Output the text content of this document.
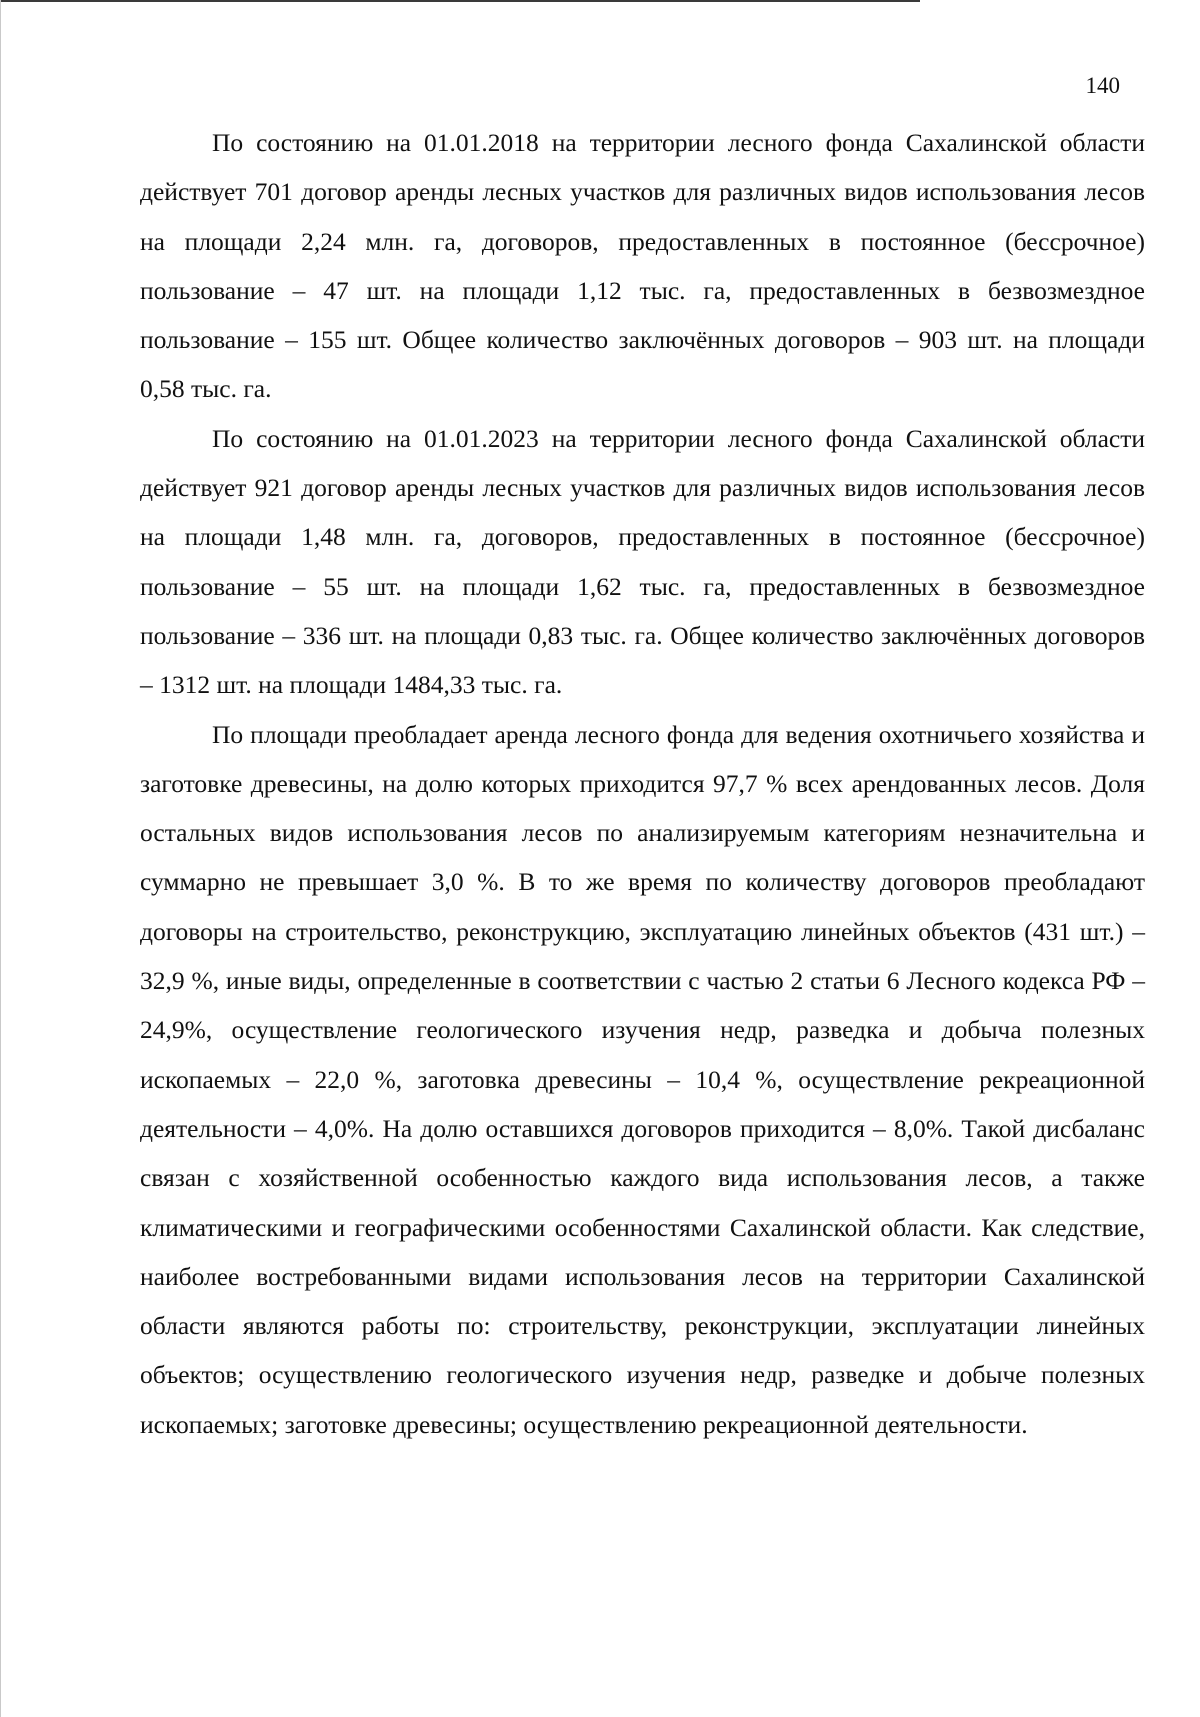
140

По состоянию на 01.01.2018 на территории лесного фонда Сахалинской области действует 701 договор аренды лесных участков для различных видов использования лесов на площади 2,24 млн. га, договоров, предоставленных в постоянное (бессрочное) пользование – 47 шт. на площади 1,12 тыс. га, предоставленных в безвозмездное пользование – 155 шт. Общее количество заключённых договоров – 903 шт. на площади 0,58 тыс. га.

По состоянию на 01.01.2023 на территории лесного фонда Сахалинской области действует 921 договор аренды лесных участков для различных видов использования лесов на площади 1,48 млн. га, договоров, предоставленных в постоянное (бессрочное) пользование – 55 шт. на площади 1,62 тыс. га, предоставленных в безвозмездное пользование – 336 шт. на площади 0,83 тыс. га. Общее количество заключённых договоров – 1312 шт. на площади 1484,33 тыс. га.

По площади преобладает аренда лесного фонда для ведения охотничьего хозяйства и заготовке древесины, на долю которых приходится 97,7 % всех арендованных лесов. Доля остальных видов использования лесов по анализируемым категориям незначительна и суммарно не превышает 3,0 %. В то же время по количеству договоров преобладают договоры на строительство, реконструкцию, эксплуатацию линейных объектов (431 шт.) – 32,9 %, иные виды, определенные в соответствии с частью 2 статьи 6 Лесного кодекса РФ – 24,9%, осуществление геологического изучения недр, разведка и добыча полезных ископаемых – 22,0 %, заготовка древесины – 10,4 %, осуществление рекреационной деятельности – 4,0%. На долю оставшихся договоров приходится – 8,0%. Такой дисбаланс связан с хозяйственной особенностью каждого вида использования лесов, а также климатическими и географическими особенностями Сахалинской области. Как следствие, наиболее востребованными видами использования лесов на территории Сахалинской области являются работы по: строительству, реконструкции, эксплуатации линейных объектов; осуществлению геологического изучения недр, разведке и добыче полезных ископаемых; заготовке древесины; осуществлению рекреационной деятельности.
